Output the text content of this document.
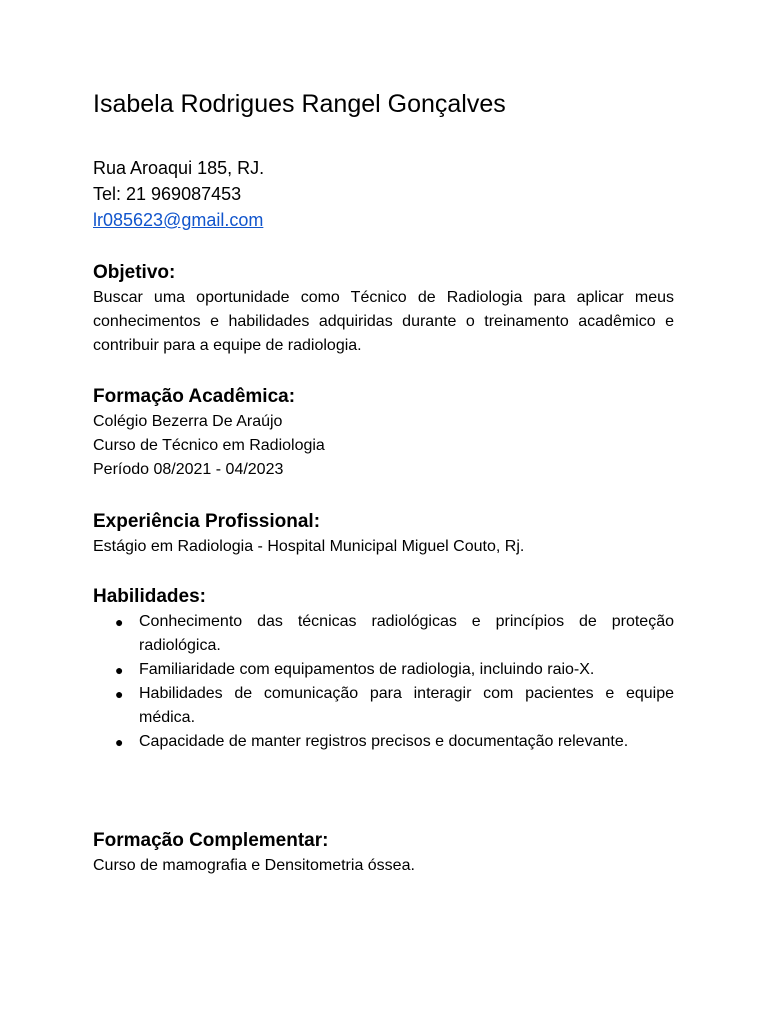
Isabela Rodrigues Rangel Gonçalves
Rua Aroaqui 185, RJ.
Tel: 21 969087453
lr085623@gmail.com

Objetivo:

Buscar uma oportunidade como Técnico de Radiologia para aplicar meus conhecimentos e habilidades adquiridas durante o treinamento acadêmico e contribuir para a equipe de radiologia.

Formação Acadêmica:

Colégio Bezerra De Araújo
Curso de Técnico em Radiologia
Período 08/2021 - 04/2023

Experiência Profissional:

Estágio em Radiologia - Hospital Municipal Miguel Couto, Rj.

Habilidades:

● Conhecimento das técnicas radiológicas e princípios de proteção radiológica.
● Familiaridade com equipamentos de radiologia, incluindo raio-X.
● Habilidades de comunicação para interagir com pacientes e equipe médica.
● Capacidade de manter registros precisos e documentação relevante.

Formação Complementar:

Curso de mamografia e Densitometria óssea.
